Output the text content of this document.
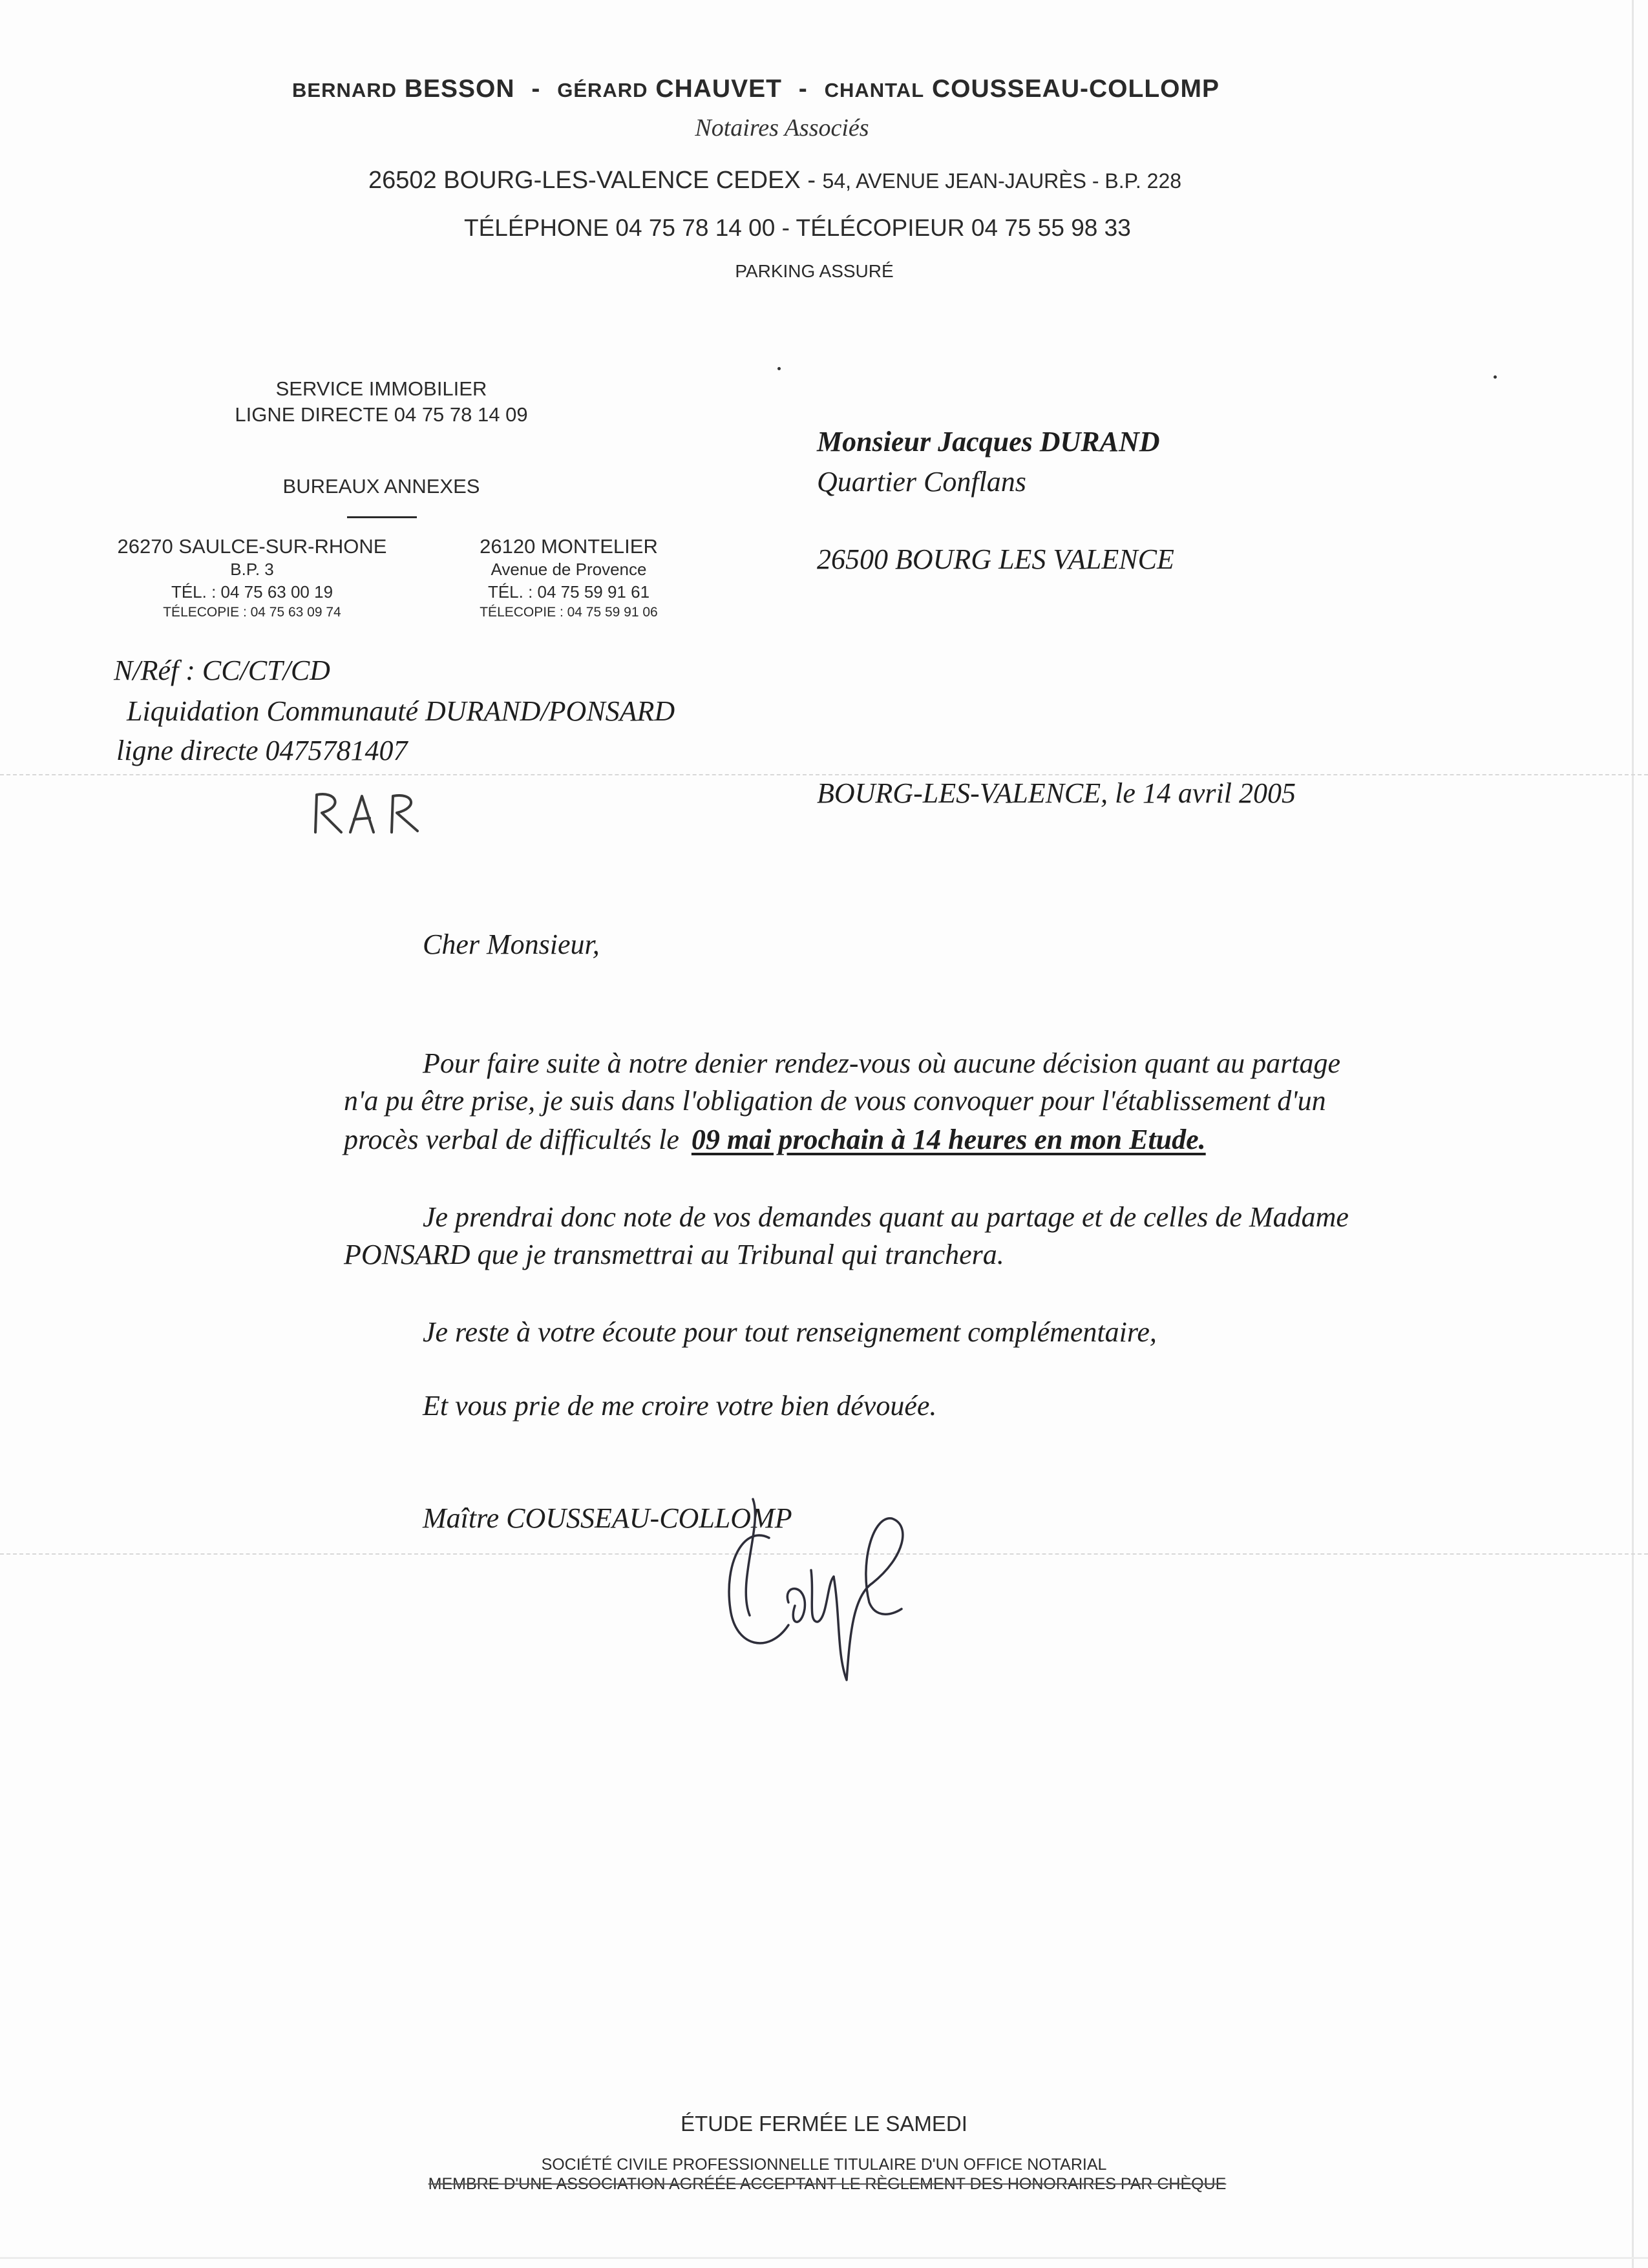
BERNARD BESSON - GÉRARD CHAUVET - CHANTAL COUSSEAU-COLLOMP
Notaires Associés
26502 BOURG-LES-VALENCE CEDEX - 54, AVENUE JEAN-JAURÈS - B.P. 228
TÉLÉPHONE 04 75 78 14 00 - TÉLÉCOPIEUR 04 75 55 98 33
PARKING ASSURÉ
SERVICE IMMOBILIER
LIGNE DIRECTE 04 75 78 14 09
BUREAUX ANNEXES
26270 SAULCE-SUR-RHONE
B.P. 3
TÉL. : 04 75 63 00 19
TÉLECOPIE : 04 75 63 09 74
26120 MONTELIER
Avenue de Provence
TÉL. : 04 75 59 91 61
TÉLECOPIE : 04 75 59 91 06
Monsieur Jacques DURAND
Quartier Conflans
26500 BOURG LES VALENCE
N/Réf : CC/CT/CD
Liquidation Communauté DURAND/PONSARD
ligne directe 0475781407
BOURG-LES-VALENCE, le 14 avril 2005
Cher Monsieur,
Pour faire suite à notre denier rendez-vous où aucune décision quant au partage
n'a pu être prise, je suis dans l'obligation de vous convoquer pour l'établissement d'un
procès verbal de difficultés le 09 mai prochain à 14 heures en mon Etude.
Je prendrai donc note de vos demandes quant au partage et de celles de Madame
PONSARD que je transmettrai au Tribunal qui tranchera.
Je reste à votre écoute pour tout renseignement complémentaire,
Et vous prie de me croire votre bien dévouée.
Maître COUSSEAU-COLLOMP
ÉTUDE FERMÉE LE SAMEDI
SOCIÉTÉ CIVILE PROFESSIONNELLE TITULAIRE D'UN OFFICE NOTARIAL
MEMBRE D'UNE ASSOCIATION AGRÉÉE ACCEPTANT LE RÈGLEMENT DES HONORAIRES PAR CHÈQUE
